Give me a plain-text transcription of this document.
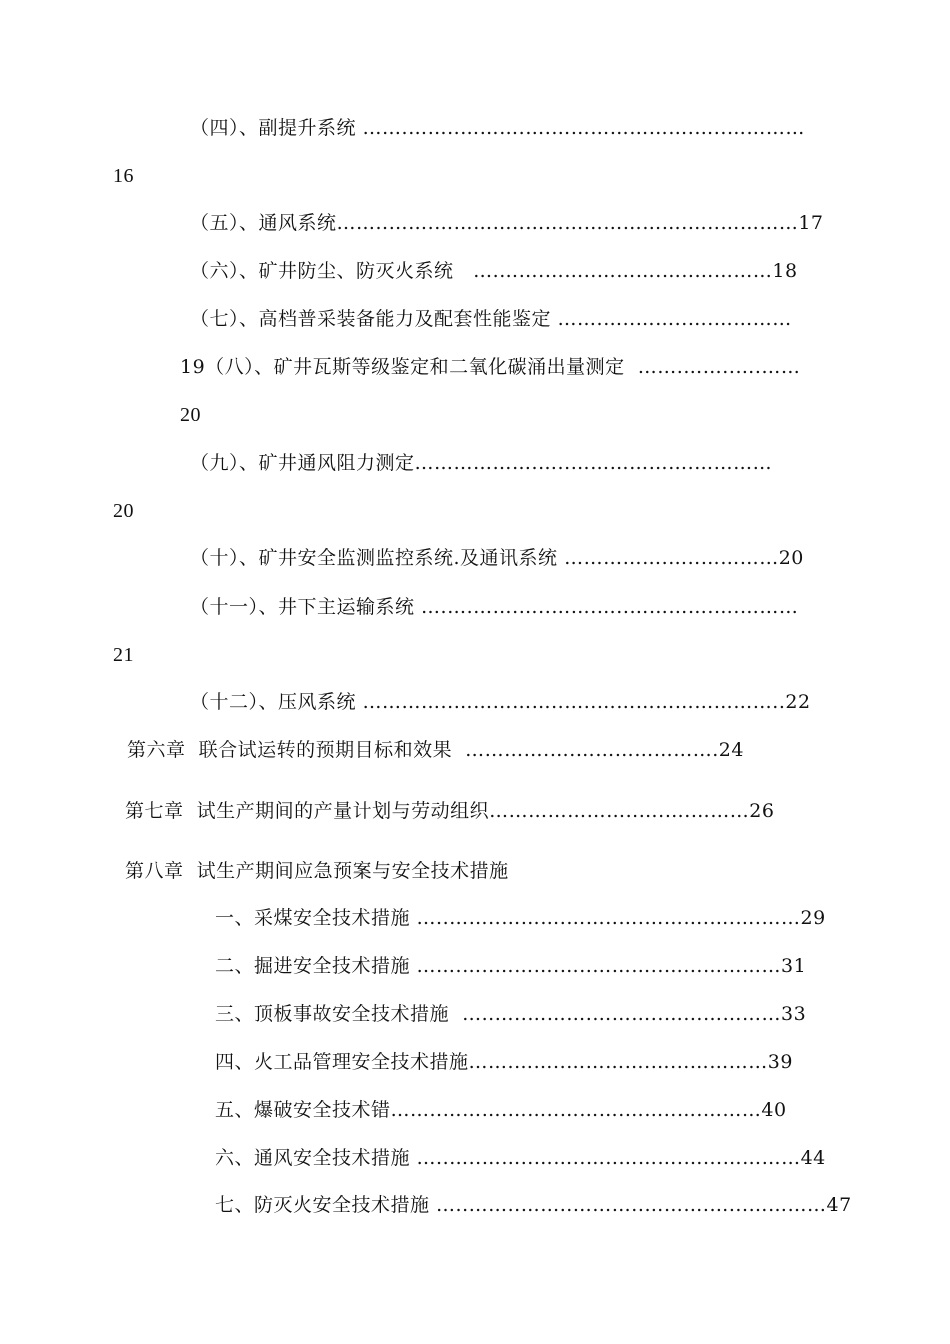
（四）、副提升系统 …….……..……….….………………….…..…………
16
（五）、通风系统……..…….…………..…………………….…..…………17
（六）、矿井防尘、防灭火系统   ….…….……..……….…..…………18
（七）、高档普采装备能力及配套性能鉴定 …….…..……..….…………
19（八）、矿井瓦斯等级鉴定和二氧化碳涌出量测定  …….……..….……
20
（九）、矿井通风阻力测定……………….…..……………….…………
20
（十）、矿井安全监测监控系统.及通讯系统 …………….…..…………20
（十一）、井下主运输系统 ….….…….…..…….…..………….….………
21
（十二）、压风系统 …………..……………..…..………………………..22
第六章  联合试运转的预期目标和效果  ………….….………………….24
第七章  试生产期间的产量计划与劳动组织…………………..….….………26
第八章  试生产期间应急预案与安全技术措施
一、采煤安全技术措施 …..……..……….……..….……….….….……29
二、掘进安全技术措施 …….…..……….…..………..…...…………31
三、顶板事故安全技术措施  …..…..……….………..…...…………33
四、火工品管理安全技术措施…….……..………….…...…………39
五、爆破安全技术错……..……….……..……….……..….………40
六、通风安全技术措施 …..…..……..……..…..……….…...…………44
七、防灭火安全技术措施 …..……..……..………..……….…...…………47
